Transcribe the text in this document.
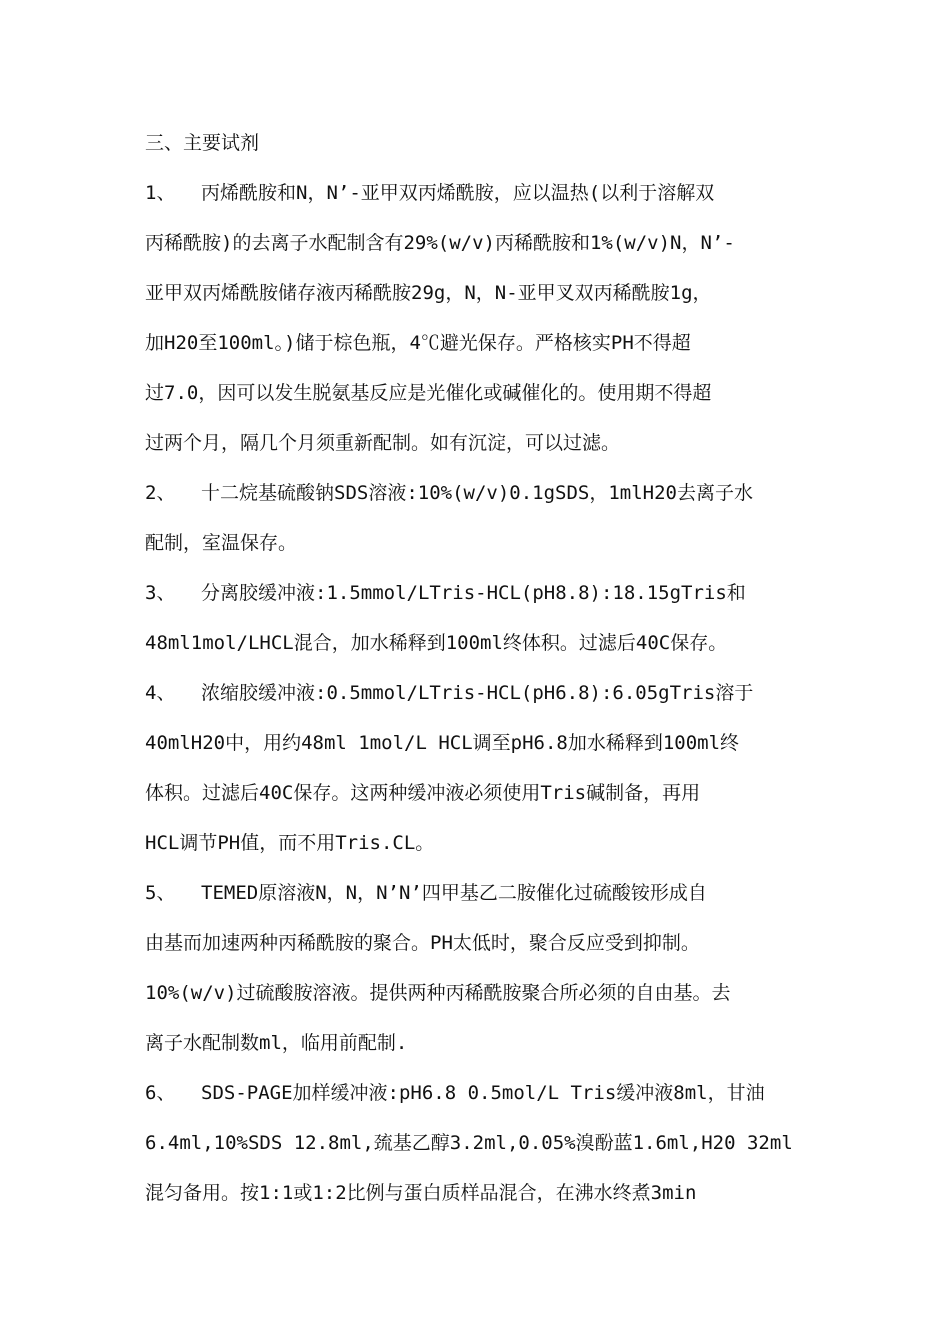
三、主要试剂
1、 丙烯酰胺和N，N’-亚甲双丙烯酰胺，应以温热(以利于溶解双
丙稀酰胺)的去离子水配制含有29%(w/v)丙稀酰胺和1%(w/v)N，N’-
亚甲双丙烯酰胺储存液丙稀酰胺29g，N，N-亚甲叉双丙稀酰胺1g，
加H20至100ml。)储于棕色瓶，4℃避光保存。严格核实PH不得超
过7.0，因可以发生脱氨基反应是光催化或碱催化的。使用期不得超
过两个月，隔几个月须重新配制。如有沉淀，可以过滤。
2、 十二烷基硫酸钠SDS溶液:10%(w/v)0.1gSDS，1mlH20去离子水
配制，室温保存。
3、 分离胶缓冲液:1.5mmol/LTris-HCL(pH8.8):18.15gTris和
48ml1mol/LHCL混合，加水稀释到100ml终体积。过滤后40C保存。
4、 浓缩胶缓冲液:0.5mmol/LTris-HCL(pH6.8):6.05gTris溶于
40mlH20中，用约48ml 1mol/L HCL调至pH6.8加水稀释到100ml终
体积。过滤后40C保存。这两种缓冲液必须使用Tris碱制备，再用
HCL调节PH值，而不用Tris.CL。
5、 TEMED原溶液N，N，N’N’四甲基乙二胺催化过硫酸铵形成自
由基而加速两种丙稀酰胺的聚合。PH太低时，聚合反应受到抑制。
10%(w/v)过硫酸胺溶液。提供两种丙稀酰胺聚合所必须的自由基。去
离子水配制数ml，临用前配制.
6、 SDS-PAGE加样缓冲液:pH6.8 0.5mol/L Tris缓冲液8ml，甘油
6.4ml,10%SDS 12.8ml,巯基乙醇3.2ml,0.05%溴酚蓝1.6ml,H20 32ml
混匀备用。按1:1或1:2比例与蛋白质样品混合，在沸水终煮3min
